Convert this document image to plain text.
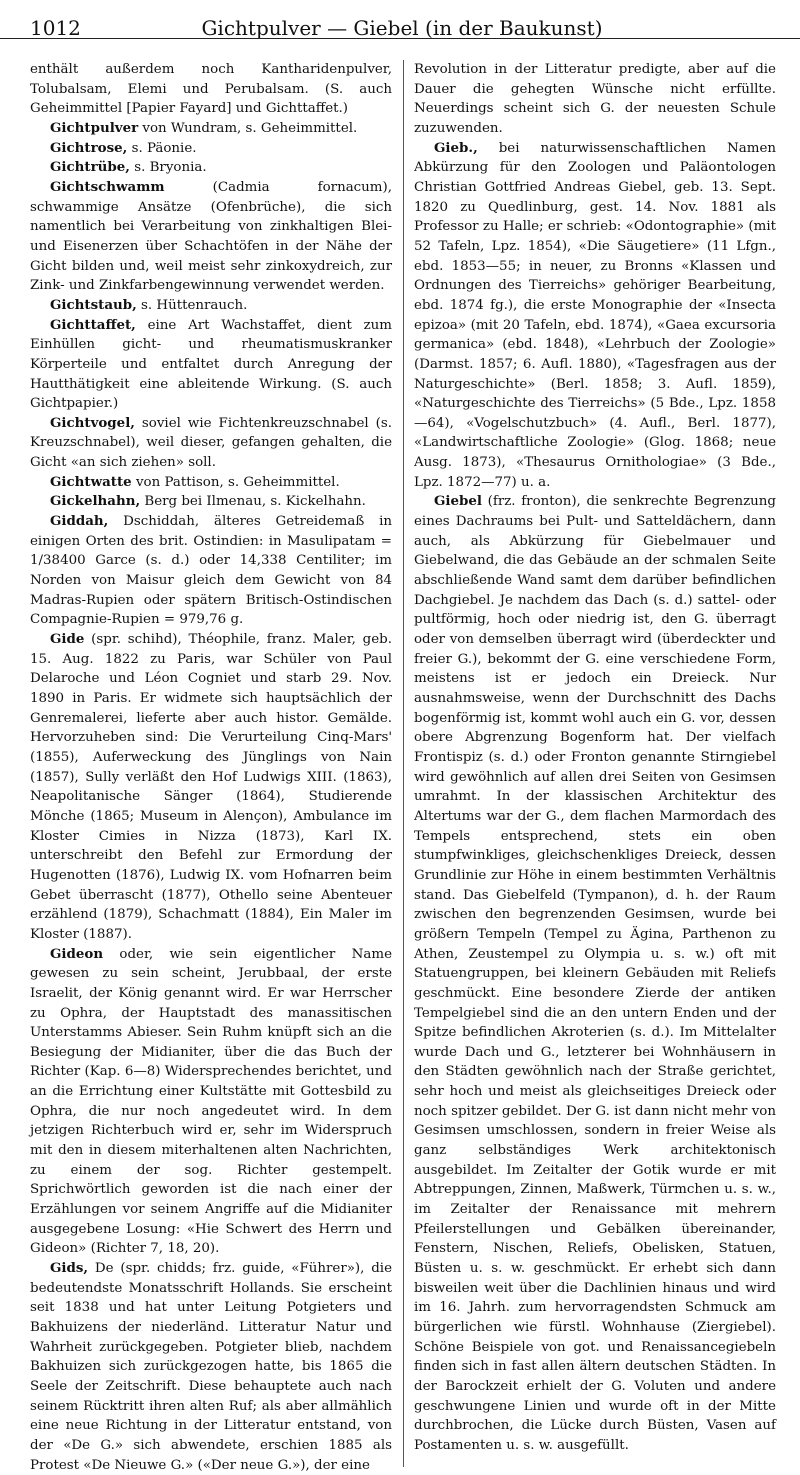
1012	Gichtpulver — Giebel (in der Baukunst)

enthält außerdem noch Kantharidenpulver, Tolubalsam, Elemi und Perubalsam. (S. auch Geheimmittel [Papier Fayard] und Gichttaffet.)

Gichtpulver von Wundram, s. Geheimmittel.

Gichtrose, s. Päonie.

Gichtrübe, s. Bryonia.

Gichtschwamm (Cadmia fornacum), schwammige Ansätze (Ofenbrüche), die sich namentlich bei Verarbeitung von zinkhaltigen Blei- und Eisenerzen über Schachtöfen in der Nähe der Gicht bilden und, weil meist sehr zinkoxydreich, zur Zink- und Zinkfarbengewinnung verwendet werden.

Gichtstaub, s. Hüttenrauch.

Gichttaffet, eine Art Wachstaffet, dient zum Einhüllen gicht- und rheumatismuskranker Körperteile und entfaltet durch Anregung der Hautthätigkeit eine ableitende Wirkung. (S. auch Gichtpapier.)

Gichtvogel, soviel wie Fichtenkreuzschnabel (s. Kreuzschnabel), weil dieser, gefangen gehalten, die Gicht «an sich ziehen» soll.

Gichtwatte von Pattison, s. Geheimmittel.

Gickelhahn, Berg bei Ilmenau, s. Kickelhahn.

Giddah, Dschiddah, älteres Getreidemaß in einigen Orten des brit. Ostindien: in Masulipatam = 1/38400 Garce (s. d.) oder 14,338 Centiliter; im Norden von Maisur gleich dem Gewicht von 84 Madras-Rupien oder spätern Britisch-Ostindischen Compagnie-Rupien = 979,76 g.

Gide (spr. schihd), Théophile, franz. Maler, geb. 15. Aug. 1822 zu Paris, war Schüler von Paul Delaroche und Léon Cogniet und starb 29. Nov. 1890 in Paris. Er widmete sich hauptsächlich der Genremalerei, lieferte aber auch histor. Gemälde. Hervorzuheben sind: Die Verurteilung Cinq-Mars' (1855), Auferweckung des Jünglings von Nain (1857), Sully verläßt den Hof Ludwigs XIII. (1863), Neapolitanische Sänger (1864), Studierende Mönche (1865; Museum in Alençon), Ambulance im Kloster Cimies in Nizza (1873), Karl IX. unterschreibt den Befehl zur Ermordung der Hugenotten (1876), Ludwig IX. vom Hofnarren beim Gebet überrascht (1877), Othello seine Abenteuer erzählend (1879), Schachmatt (1884), Ein Maler im Kloster (1887).

Gideon oder, wie sein eigentlicher Name gewesen zu sein scheint, Jerubbaal, der erste Israelit, der König genannt wird. Er war Herrscher zu Ophra, der Hauptstadt des manassitischen Unterstamms Abieser. Sein Ruhm knüpft sich an die Besiegung der Midianiter, über die das Buch der Richter (Kap. 6—8) Widersprechendes berichtet, und an die Errichtung einer Kultstätte mit Gottesbild zu Ophra, die nur noch angedeutet wird. In dem jetzigen Richterbuch wird er, sehr im Widerspruch mit den in diesem miterhaltenen alten Nachrichten, zu einem der sog. Richter gestempelt. Sprichwörtlich geworden ist die nach einer der Erzählungen vor seinem Angriffe auf die Midianiter ausgegebene Losung: «Hie Schwert des Herrn und Gideon» (Richter 7, 18, 20).

Gids, De (spr. chidds; frz. guide, «Führer»), die bedeutendste Monatsschrift Hollands. Sie erscheint seit 1838 und hat unter Leitung Potgieters und Bakhuizens der niederländ. Litteratur Natur und Wahrheit zurückgegeben. Potgieter blieb, nachdem Bakhuizen sich zurückgezogen hatte, bis 1865 die Seele der Zeitschrift. Diese behauptete auch nach seinem Rücktritt ihren alten Ruf; als aber allmählich eine neue Richtung in der Litteratur entstand, von der «De G.» sich abwendete, erschien 1885 als Protest «De Nieuwe G.» («Der neue G.»), der eine

Revolution in der Litteratur predigte, aber auf die Dauer die gehegten Wünsche nicht erfüllte. Neuerdings scheint sich G. der neuesten Schule zuzuwenden.

Gieb., bei naturwissenschaftlichen Namen Abkürzung für den Zoologen und Paläontologen Christian Gottfried Andreas Giebel, geb. 13. Sept. 1820 zu Quedlinburg, gest. 14. Nov. 1881 als Professor zu Halle; er schrieb: «Odontographie» (mit 52 Tafeln, Lpz. 1854), «Die Säugetiere» (11 Lfgn., ebd. 1853—55; in neuer, zu Bronns «Klassen und Ordnungen des Tierreichs» gehöriger Bearbeitung, ebd. 1874 fg.), die erste Monographie der «Insecta epizoa» (mit 20 Tafeln, ebd. 1874), «Gaea excursoria germanica» (ebd. 1848), «Lehrbuch der Zoologie» (Darmst. 1857; 6. Aufl. 1880), «Tagesfragen aus der Naturgeschichte» (Berl. 1858; 3. Aufl. 1859), «Naturgeschichte des Tierreichs» (5 Bde., Lpz. 1858—64), «Vogelschutzbuch» (4. Aufl., Berl. 1877), «Landwirtschaftliche Zoologie» (Glog. 1868; neue Ausg. 1873), «Thesaurus Ornithologiae» (3 Bde., Lpz. 1872—77) u. a.

Giebel (frz. fronton), die senkrechte Begrenzung eines Dachraums bei Pult- und Satteldächern, dann auch, als Abkürzung für Giebelmauer und Giebelwand, die das Gebäude an der schmalen Seite abschließende Wand samt dem darüber befindlichen Dachgiebel. Je nachdem das Dach (s. d.) sattel- oder pultförmig, hoch oder niedrig ist, den G. überragt oder von demselben überragt wird (überdeckter und freier G.), bekommt der G. eine verschiedene Form, meistens ist er jedoch ein Dreieck. Nur ausnahmsweise, wenn der Durchschnitt des Dachs bogenförmig ist, kommt wohl auch ein G. vor, dessen obere Abgrenzung Bogenform hat. Der vielfach Frontispiz (s. d.) oder Fronton genannte Stirngiebel wird gewöhnlich auf allen drei Seiten von Gesimsen umrahmt. In der klassischen Architektur des Altertums war der G., dem flachen Marmordach des Tempels entsprechend, stets ein oben stumpfwinkliges, gleichschenkliges Dreieck, dessen Grundlinie zur Höhe in einem bestimmten Verhältnis stand. Das Giebelfeld (Tympanon), d. h. der Raum zwischen den begrenzenden Gesimsen, wurde bei größern Tempeln (Tempel zu Ägina, Parthenon zu Athen, Zeustempel zu Olympia u. s. w.) oft mit Statuengruppen, bei kleinern Gebäuden mit Reliefs geschmückt. Eine besondere Zierde der antiken Tempelgiebel sind die an den untern Enden und der Spitze befindlichen Akroterien (s. d.). Im Mittelalter wurde Dach und G., letzterer bei Wohnhäusern in den Städten gewöhnlich nach der Straße gerichtet, sehr hoch und meist als gleichseitiges Dreieck oder noch spitzer gebildet. Der G. ist dann nicht mehr von Gesimsen umschlossen, sondern in freier Weise als ganz selbständiges Werk architektonisch ausgebildet. Im Zeitalter der Gotik wurde er mit Abtreppungen, Zinnen, Maßwerk, Türmchen u. s. w., im Zeitalter der Renaissance mit mehrern Pfeilerstellungen und Gebälken übereinander, Fenstern, Nischen, Reliefs, Obelisken, Statuen, Büsten u. s. w. geschmückt. Er erhebt sich dann bisweilen weit über die Dachlinien hinaus und wird im 16. Jahrh. zum hervorragendsten Schmuck am bürgerlichen wie fürstl. Wohnhause (Ziergiebel). Schöne Beispiele von got. und Renaissancegiebeln finden sich in fast allen ältern deutschen Städten. In der Barockzeit erhielt der G. Voluten und andere geschwungene Linien und wurde oft in der Mitte durchbrochen, die Lücke durch Büsten, Vasen auf Postamenten u. s. w. ausgefüllt.
